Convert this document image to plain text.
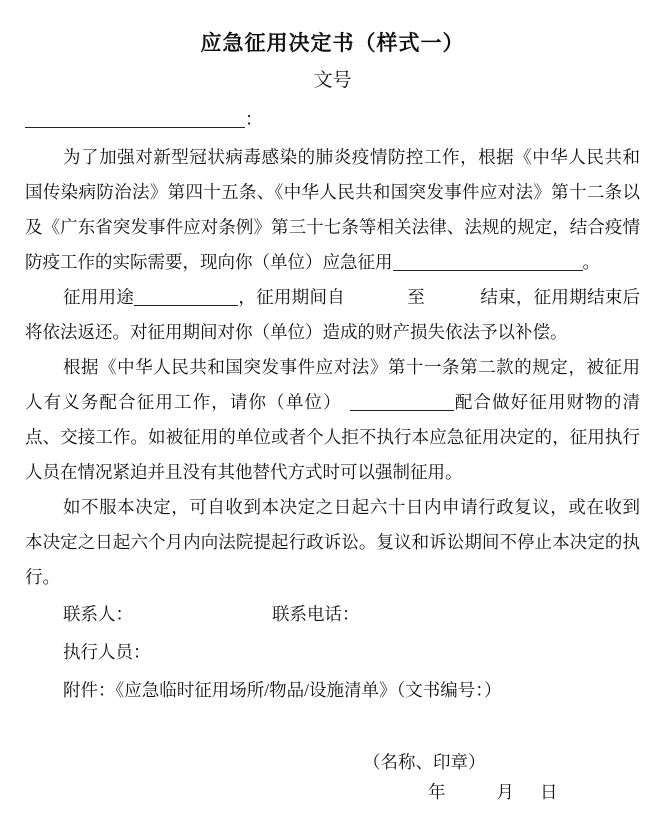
应急征用决定书（样式一）
文号
：

为了加强对新型冠状病毒感染的肺炎疫情防控工作，根据《中华人民共和国传染病防治法》第四十五条、《中华人民共和国突发事件应对法》第十二条以及《广东省突发事件应对条例》第三十七条等相关法律、法规的规定，结合疫情防疫工作的实际需要，现向你（单位）应急征用	。

征用用途	，征用期间自	至	结束，征用期结束后将依法返还。对征用期间对你（单位）造成的财产损失依法予以补偿。

根据《中华人民共和国突发事件应对法》第十一条第二款的规定，被征用人有义务配合征用工作，请你（单位）	配合做好征用财物的清点、交接工作。如被征用的单位或者个人拒不执行本应急征用决定的，征用执行人员在情况紧迫并且没有其他替代方式时可以强制征用。

如不服本决定，可自收到本决定之日起六十日内申请行政复议，或在收到本决定之日起六个月内向法院提起行政诉讼。复议和诉讼期间不停止本决定的执行。

联系人：	联系电话：

执行人员：

附件：《应急临时征用场所/物品/设施清单》（文书编号：）

（名称、印章）

年	月 日
